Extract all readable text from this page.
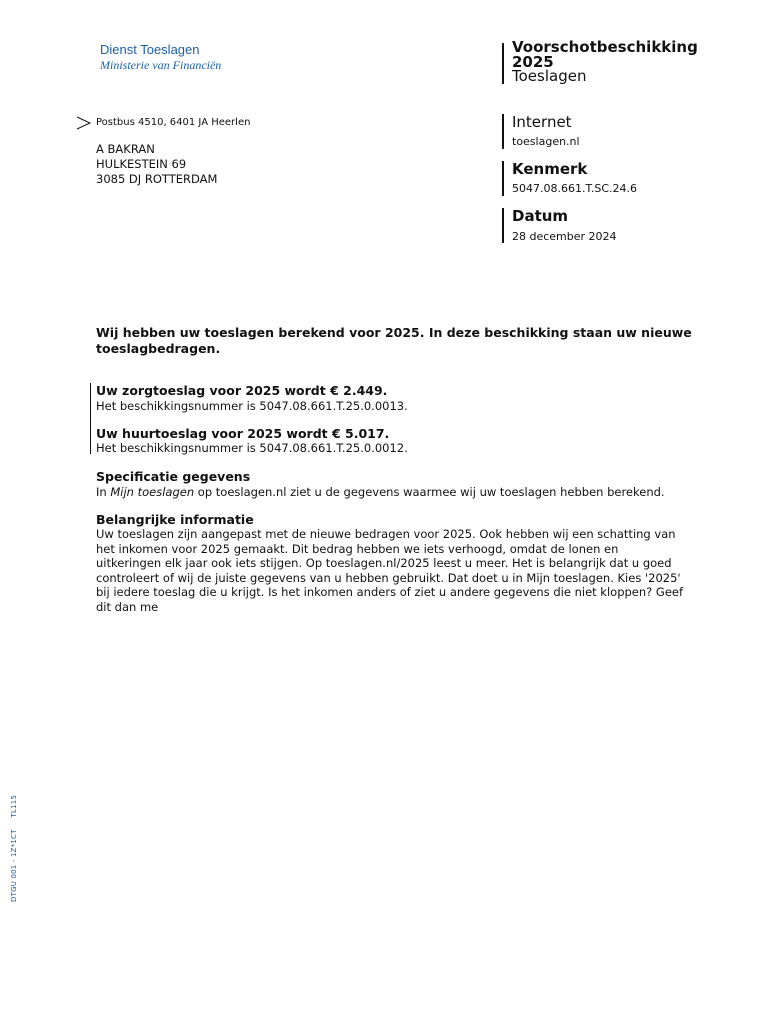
Dienst Toeslagen
Ministerie van Financiën
Voorschotbeschikking
2025
Toeslagen
Internet
toeslagen.nl
Kenmerk
5047.08.661.T.SC.24.6
Datum
28 december 2024
Postbus 4510, 6401 JA Heerlen
A BAKRAN
HULKESTEIN 69
3085 DJ ROTTERDAM
Wij hebben uw toeslagen berekend voor 2025. In deze beschikking staan uw nieuwe toeslagbedragen.
Uw zorgtoeslag voor 2025 wordt € 2.449.
Het beschikkingsnummer is 5047.08.661.T.25.0.0013.
Uw huurtoeslag voor 2025 wordt € 5.017.
Het beschikkingsnummer is 5047.08.661.T.25.0.0012.
Specificatie gegevens
In Mijn toeslagen op toeslagen.nl ziet u de gegevens waarmee wij uw toeslagen hebben berekend.
Belangrijke informatie
Uw toeslagen zijn aangepast met de nieuwe bedragen voor 2025. Ook hebben wij een schatting van het inkomen voor 2025 gemaakt. Dit bedrag hebben we iets verhoogd, omdat de lonen en uitkeringen elk jaar ook iets stijgen. Op toeslagen.nl/2025 leest u meer. Het is belangrijk dat u goed controleert of wij de juiste gegevens van u hebben gebruikt. Dat doet u in Mijn toeslagen. Kies '2025' bij iedere toeslag die u krijgt. Is het inkomen anders of ziet u andere gegevens die niet kloppen? Geef dit dan me
DTGU 001 - 1Z*1CTTL115
